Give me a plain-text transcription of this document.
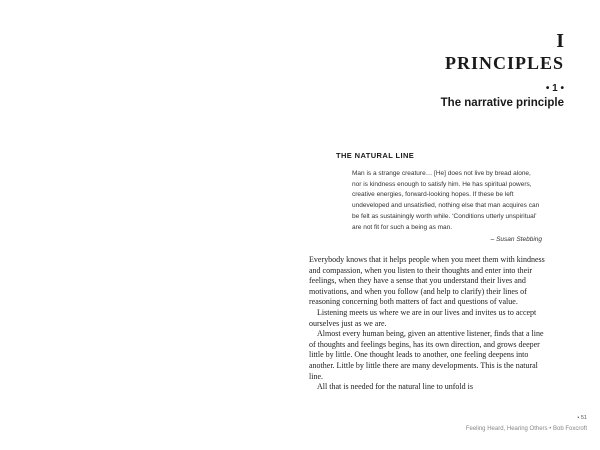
I
PRINCIPLES
• 1 •
The narrative principle
THE NATURAL LINE
Man is a strange creature… [He] does not live by bread alone, nor is kindness enough to satisfy him. He has spiritual powers, creative energies, forward-looking hopes. If these be left undeveloped and unsatisfied, nothing else that man acquires can be felt as sustainingly worth while. ‘Conditions utterly unspiritual’ are not fit for such a being as man.
– Susan Stebbing

Everybody knows that it helps people when you meet them with kindness and compassion, when you listen to their thoughts and enter into their feelings, when they have a sense that you understand their lives and motivations, and when you follow (and help to clarify) their lines of reasoning concerning both matters of fact and questions of value.

Listening meets us where we are in our lives and invites us to accept ourselves just as we are.

Almost every human being, given an attentive listener, finds that a line of thoughts and feelings begins, has its own direction, and grows deeper little by little. One thought leads to another, one feeling deepens into another. Little by little there are many developments. This is the natural line.

All that is needed for the natural line to unfold is

• 51
Feeling Heard, Hearing Others • Bob Foxcroft
